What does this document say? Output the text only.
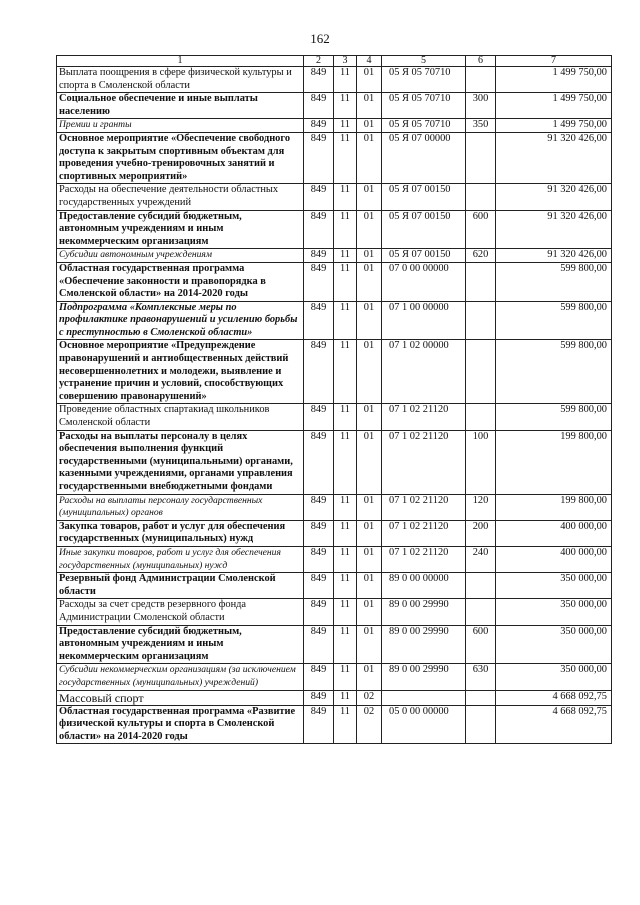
162
1	2	3	4	5	6	7
Выплата поощрения в сфере физической культуры и спорта в Смоленской области	849	11	01	05 Я 05 70710		1 499 750,00
Социальное обеспечение и иные выплаты населению	849	11	01	05 Я 05 70710	300	1 499 750,00
Премии и гранты	849	11	01	05 Я 05 70710	350	1 499 750,00
Основное мероприятие «Обеспечение свободного доступа к закрытым спортивным объектам для проведения учебно-тренировочных занятий и спортивных мероприятий»	849	11	01	05 Я 07 00000		91 320 426,00
Расходы на обеспечение деятельности областных государственных учреждений	849	11	01	05 Я 07 00150		91 320 426,00
Предоставление субсидий бюджетным, автономным учреждениям и иным некоммерческим организациям	849	11	01	05 Я 07 00150	600	91 320 426,00
Субсидии автономным учреждениям	849	11	01	05 Я 07 00150	620	91 320 426,00
Областная государственная программа «Обеспечение законности и правопорядка в Смоленской области» на 2014-2020 годы	849	11	01	07 0 00 00000		599 800,00
Подпрограмма «Комплексные меры по профилактике правонарушений и усилению борьбы с преступностью в Смоленской области»	849	11	01	07 1 00 00000		599 800,00
Основное мероприятие «Предупреждение правонарушений и антиобщественных действий несовершеннолетних и молодежи, выявление и устранение причин и условий, способствующих совершению правонарушений»	849	11	01	07 1 02 00000		599 800,00
Проведение областных спартакиад школьников Смоленской области	849	11	01	07 1 02 21120		599 800,00
Расходы на выплаты персоналу в целях обеспечения выполнения функций государственными (муниципальными) органами, казенными учреждениями, органами управления государственными внебюджетными фондами	849	11	01	07 1 02 21120	100	199 800,00
Расходы на выплаты персоналу государственных (муниципальных) органов	849	11	01	07 1 02 21120	120	199 800,00
Закупка товаров, работ и услуг для обеспечения государственных (муниципальных) нужд	849	11	01	07 1 02 21120	200	400 000,00
Иные закупки товаров, работ и услуг для обеспечения государственных (муниципальных) нужд	849	11	01	07 1 02 21120	240	400 000,00
Резервный фонд Администрации Смоленской области	849	11	01	89 0 00 00000		350 000,00
Расходы за счет средств резервного фонда Администрации Смоленской области	849	11	01	89 0 00 29990		350 000,00
Предоставление субсидий бюджетным, автономным учреждениям и иным некоммерческим организациям	849	11	01	89 0 00 29990	600	350 000,00
Субсидии некоммерческим организациям (за исключением государственных (муниципальных) учреждений)	849	11	01	89 0 00 29990	630	350 000,00
Массовый спорт	849	11	02			4 668 092,75
Областная государственная программа «Развитие физической культуры и спорта в Смоленской области» на 2014-2020 годы	849	11	02	05 0 00 00000		4 668 092,75
